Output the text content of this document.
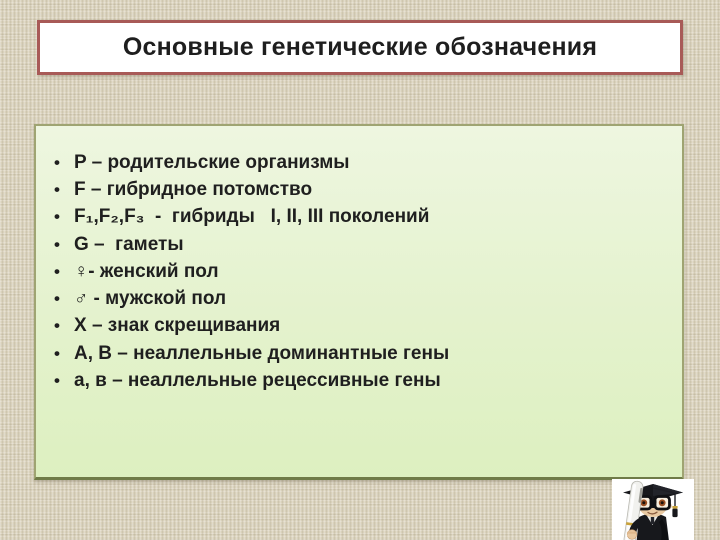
Основные генетические обозначения
• P – родительские организмы
• F – гибридное потомство
• F₁,F₂,F₃  -  гибриды   I, II, III поколений
• G –  гаметы
• ♀- женский пол
• ♂ - мужской пол
• Х – знак скрещивания
• А, В – неаллельные доминантные гены
• а, в – неаллельные рецессивные гены
